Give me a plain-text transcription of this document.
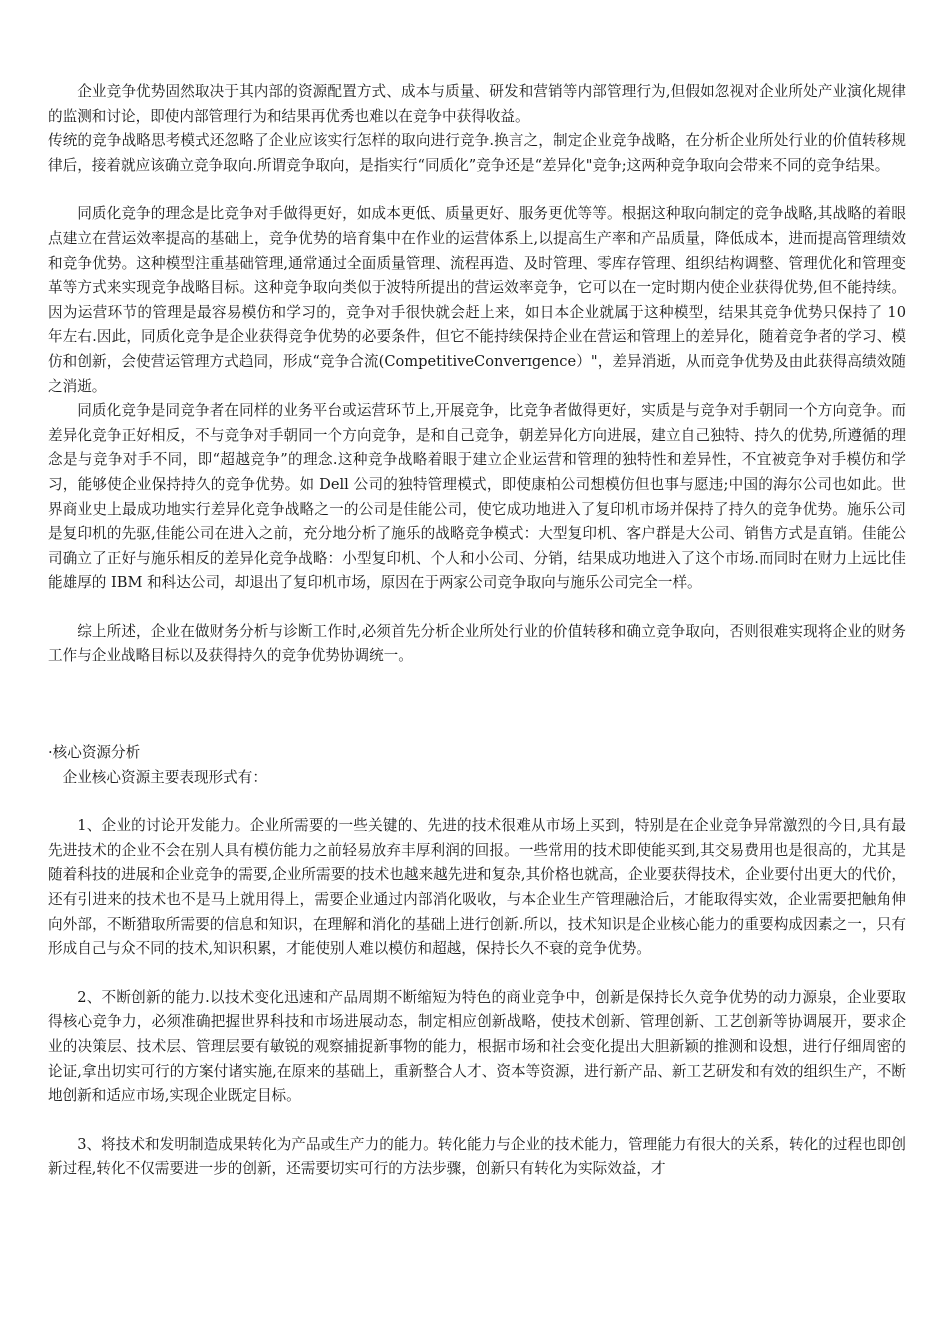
企业竞争优势固然取决于其内部的资源配置方式、成本与质量、研发和营销等内部管理行为,但假如忽视对企业所处产业演化规律的监测和讨论，即使内部管理行为和结果再优秀也难以在竞争中获得收益。

传统的竞争战略思考模式还忽略了企业应该实行怎样的取向进行竞争.换言之，制定企业竞争战略，在分析企业所处行业的价值转移规律后，接着就应该确立竞争取向.所谓竞争取向，是指实行“同质化”竞争还是“差异化"竞争;这两种竞争取向会带来不同的竞争结果。

同质化竞争的理念是比竞争对手做得更好，如成本更低、质量更好、服务更优等等。根据这种取向制定的竞争战略,其战略的着眼点建立在营运效率提高的基础上，竞争优势的培育集中在作业的运营体系上,以提高生产率和产品质量，降低成本，进而提高管理绩效和竞争优势。这种模型注重基础管理,通常通过全面质量管理、流程再造、及时管理、零库存管理、组织结构调整、管理优化和管理变革等方式来实现竞争战略目标。这种竞争取向类似于波特所提出的营运效率竞争，它可以在一定时期内使企业获得优势,但不能持续。因为运营环节的管理是最容易模仿和学习的，竞争对手很快就会赶上来，如日本企业就属于这种模型，结果其竞争优势只保持了 10 年左右.因此，同质化竞争是企业获得竞争优势的必要条件，但它不能持续保持企业在营运和管理上的差异化，随着竞争者的学习、模仿和创新，会使营运管理方式趋同，形成“竞争合流(CompetitiveConverɪgence）"，差异消逝，从而竞争优势及由此获得高绩效随之消逝。

同质化竞争是同竞争者在同样的业务平台或运营环节上,开展竞争，比竞争者做得更好，实质是与竞争对手朝同一个方向竞争。而差异化竞争正好相反，不与竞争对手朝同一个方向竞争，是和自己竞争，朝差异化方向进展，建立自己独特、持久的优势,所遵循的理念是与竞争对手不同，即“超越竞争”的理念.这种竞争战略着眼于建立企业运营和管理的独特性和差异性，不宜被竞争对手模仿和学习，能够使企业保持持久的竞争优势。如 Dell 公司的独特管理模式，即使康柏公司想模仿但也事与愿违;中国的海尔公司也如此。世界商业史上最成功地实行差异化竞争战略之一的公司是佳能公司，使它成功地进入了复印机市场并保持了持久的竞争优势。施乐公司是复印机的先驱,佳能公司在进入之前，充分地分析了施乐的战略竞争模式：大型复印机、客户群是大公司、销售方式是直销。佳能公司确立了正好与施乐相反的差异化竞争战略：小型复印机、个人和小公司、分销，结果成功地进入了这个市场.而同时在财力上远比佳能雄厚的 IBM 和科达公司，却退出了复印机市场，原因在于两家公司竞争取向与施乐公司完全一样。

综上所述，企业在做财务分析与诊断工作时,必须首先分析企业所处行业的价值转移和确立竞争取向，否则很难实现将企业的财务工作与企业战略目标以及获得持久的竞争优势协调统一。

·核心资源分析

企业核心资源主要表现形式有：

1、企业的讨论开发能力。企业所需要的一些关键的、先进的技术很难从市场上买到，特别是在企业竞争异常激烈的今日,具有最先进技术的企业不会在别人具有模仿能力之前轻易放弃丰厚利润的回报。一些常用的技术即使能买到,其交易费用也是很高的，尤其是随着科技的进展和企业竞争的需要,企业所需要的技术也越来越先进和复杂,其价格也就高，企业要获得技术，企业要付出更大的代价，还有引进来的技术也不是马上就用得上，需要企业通过内部消化吸收，与本企业生产管理融洽后，才能取得实效，企业需要把触角伸向外部，不断猎取所需要的信息和知识，在理解和消化的基础上进行创新.所以，技术知识是企业核心能力的重要构成因素之一，只有形成自己与众不同的技术,知识积累，才能使别人难以模仿和超越，保持长久不衰的竞争优势。

2、不断创新的能力.以技术变化迅速和产品周期不断缩短为特色的商业竞争中，创新是保持长久竞争优势的动力源泉，企业要取得核心竞争力，必须准确把握世界科技和市场进展动态，制定相应创新战略，使技术创新、管理创新、工艺创新等协调展开，要求企业的决策层、技术层、管理层要有敏锐的观察捕捉新事物的能力，根据市场和社会变化提出大胆新颖的推测和设想，进行仔细周密的论证,拿出切实可行的方案付诸实施,在原来的基础上，重新整合人才、资本等资源，进行新产品、新工艺研发和有效的组织生产，不断地创新和适应市场,实现企业既定目标。

3、将技术和发明制造成果转化为产品或生产力的能力。转化能力与企业的技术能力，管理能力有很大的关系，转化的过程也即创新过程,转化不仅需要进一步的创新，还需要切实可行的方法步骤，创新只有转化为实际效益，才
